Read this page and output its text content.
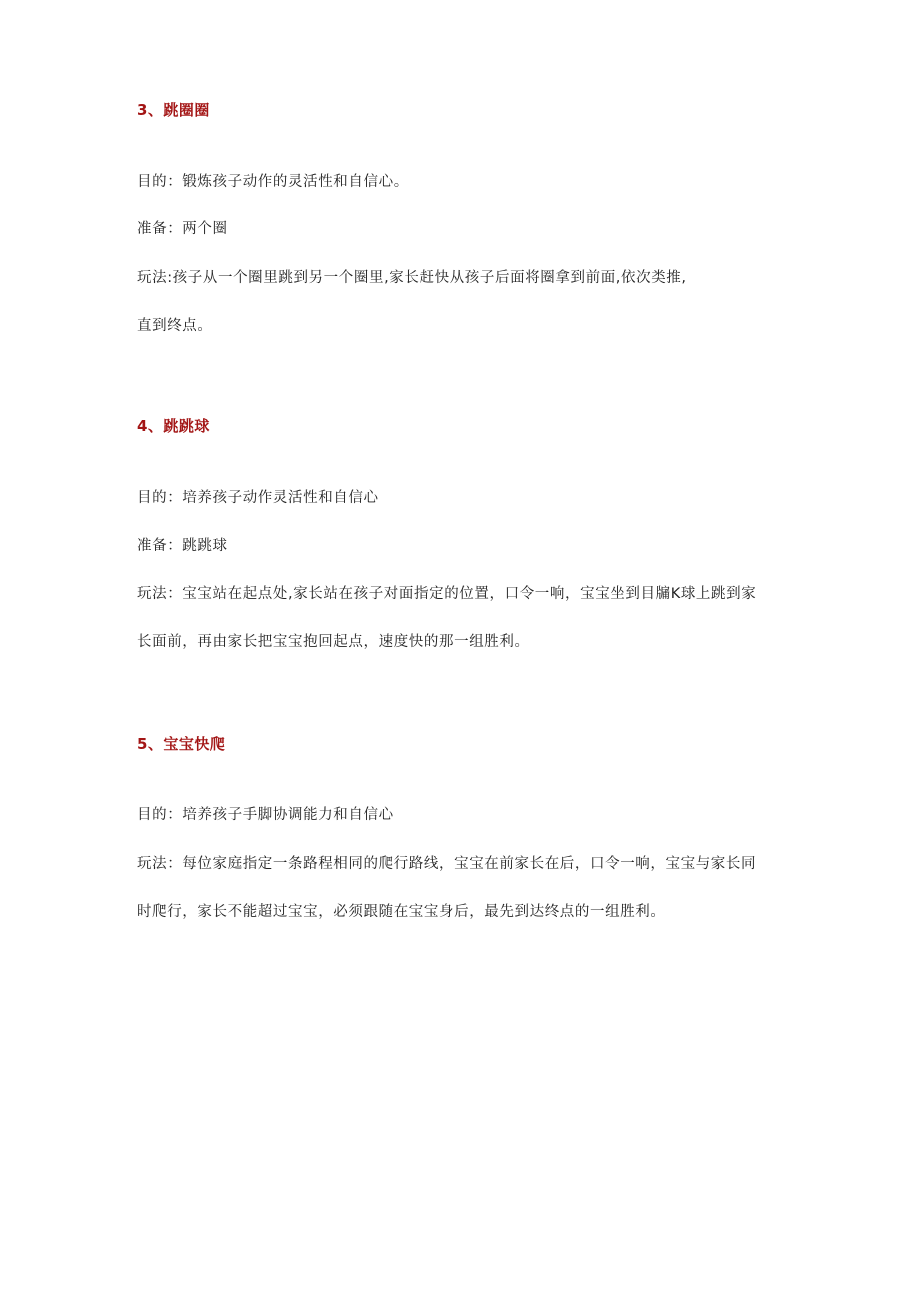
3、跳圈圈
目的：锻炼孩子动作的灵活性和自信心。
准备：两个圈
玩法:孩子从一个圈里跳到另一个圈里,家长赶快从孩子后面将圈拿到前面,依次类推,
直到终点。
4、跳跳球
目的：培养孩子动作灵活性和自信心
准备：跳跳球
玩法：宝宝站在起点处,家长站在孩子对面指定的位置，口令一响，宝宝坐到目牖K球上跳到家
长面前，再由家长把宝宝抱回起点，速度快的那一组胜利。
5、宝宝快爬
目的：培养孩子手脚协调能力和自信心
玩法：每位家庭指定一条路程相同的爬行路线，宝宝在前家长在后，口令一响，宝宝与家长同
时爬行，家长不能超过宝宝，必须跟随在宝宝身后，最先到达终点的一组胜利。
